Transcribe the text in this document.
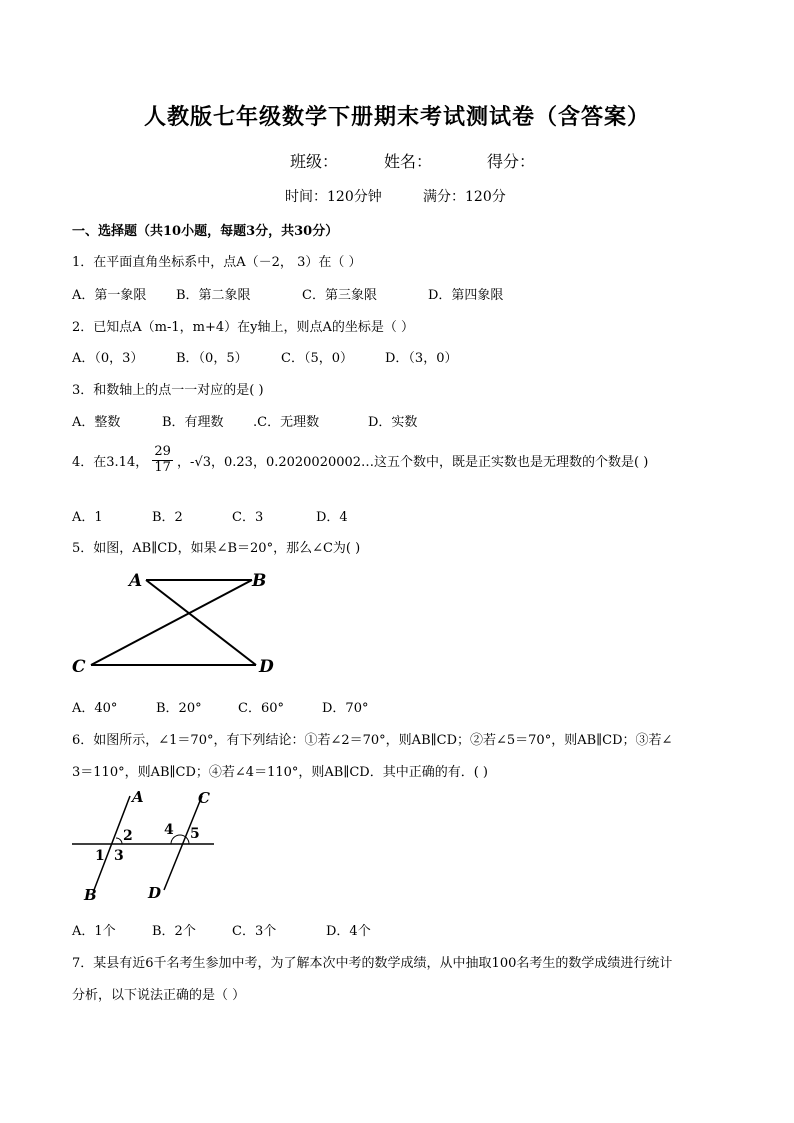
人教版七年级数学下册期末考试测试卷（含答案）
班级：	姓名：	得分：
时间：120分钟	满分：120分
一、选择题（共10小题，每题3分，共30分）
1．在平面直角坐标系中，点A（－2， 3）在（ ）
A．第一象限 B．第二象限	C．第三象限	D．第四象限
2．已知点A（m-1，m+4）在y轴上，则点A的坐标是（ ）
A．（0，3）	B．（0，5）	C．（5，0） D．（3，0）
3．和数轴上的点一一对应的是( )
A．整数	B．有理数 .C．无理数	D．实数
4．在3.14， $\frac{29}{17}$ ，-√3，0.23，0.2020020002…这五个数中，既是正实数也是无理数的个数是( )
A．1	B．2	C．3	D．4
5．如图，AB∥CD，如果∠B＝20°，那么∠C为( )
A	B
C	D
A．40°	B．20°	C．60°	D．70°
6．如图所示，∠1＝70°，有下列结论：①若∠2＝70°，则AB∥CD；②若∠5＝70°，则AB∥CD；③若∠
3＝110°，则AB∥CD；④若∠4＝110°，则AB∥CD．其中正确的有．( )
A
B
C
D
2
1 3
4 5
A．1个	B．2个	C．3个	D．4个
7．某县有近6千名考生参加中考，为了解本次中考的数学成绩，从中抽取100名考生的数学成绩进行统计
分析，以下说法正确的是（ ）
